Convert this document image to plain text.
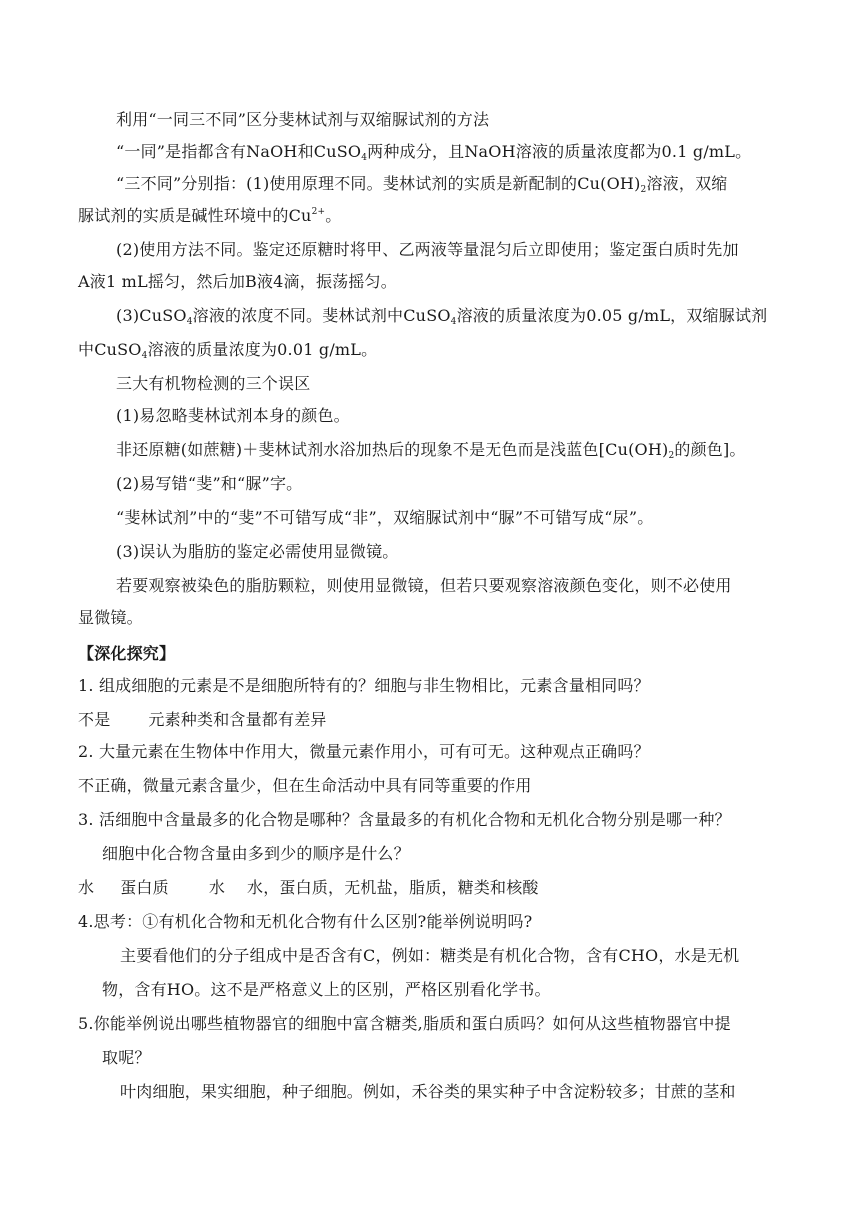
利用“一同三不同”区分斐林试剂与双缩脲试剂的方法
“一同”是指都含有NaOH和CuSO$_4$两种成分，且NaOH溶液的质量浓度都为0.1 g/mL。
“三不同”分别指：(1)使用原理不同。斐林试剂的实质是新配制的$Cu(OH)_2$溶液，双缩
脲试剂的实质是碱性环境中的$Cu^{2+}$。
(2)使用方法不同。鉴定还原糖时将甲、乙两液等量混匀后立即使用；鉴定蛋白质时先加
A液1 mL摇匀，然后加B液4滴，振荡摇匀。
(3)CuSO$_4$溶液的浓度不同。斐林试剂中CuSO$_4$溶液的质量浓度为0.05 g/mL，双缩脲试剂
中CuSO$_4$溶液的质量浓度为0.01 g/mL。
三大有机物检测的三个误区
(1)易忽略斐林试剂本身的颜色。
非还原糖(如蔗糖)＋斐林试剂水浴加热后的现象不是无色而是浅蓝色[$Cu(OH)_2$的颜色]。
(2)易写错“斐”和“脲”字。
“斐林试剂”中的“斐”不可错写成“非”，双缩脲试剂中“脲”不可错写成“尿”。
(3)误认为脂肪的鉴定必需使用显微镜。
若要观察被染色的脂肪颗粒，则使用显微镜，但若只要观察溶液颜色变化，则不必使用
显微镜。
【深化探究】
1. 组成细胞的元素是不是细胞所特有的？细胞与非生物相比，元素含量相同吗？
不是 元素种类和含量都有差异
2. 大量元素在生物体中作用大，微量元素作用小，可有可无。这种观点正确吗？
不正确，微量元素含量少，但在生命活动中具有同等重要的作用
3. 活细胞中含量最多的化合物是哪种？含量最多的有机化合物和无机化合物分别是哪一种？
细胞中化合物含量由多到少的顺序是什么？
水 蛋白质	水 水，蛋白质，无机盐，脂质，糖类和核酸
4.思考：①有机化合物和无机化合物有什么区别?能举例说明吗?
主要看他们的分子组成中是否含有C，例如：糖类是有机化合物，含有CHO，水是无机
物，含有HO。这不是严格意义上的区别，严格区别看化学书。
5.你能举例说出哪些植物器官的细胞中富含糖类,脂质和蛋白质吗？如何从这些植物器官中提
取呢？
叶肉细胞，果实细胞，种子细胞。例如，禾谷类的果实种子中含淀粉较多；甘蔗的茎和
